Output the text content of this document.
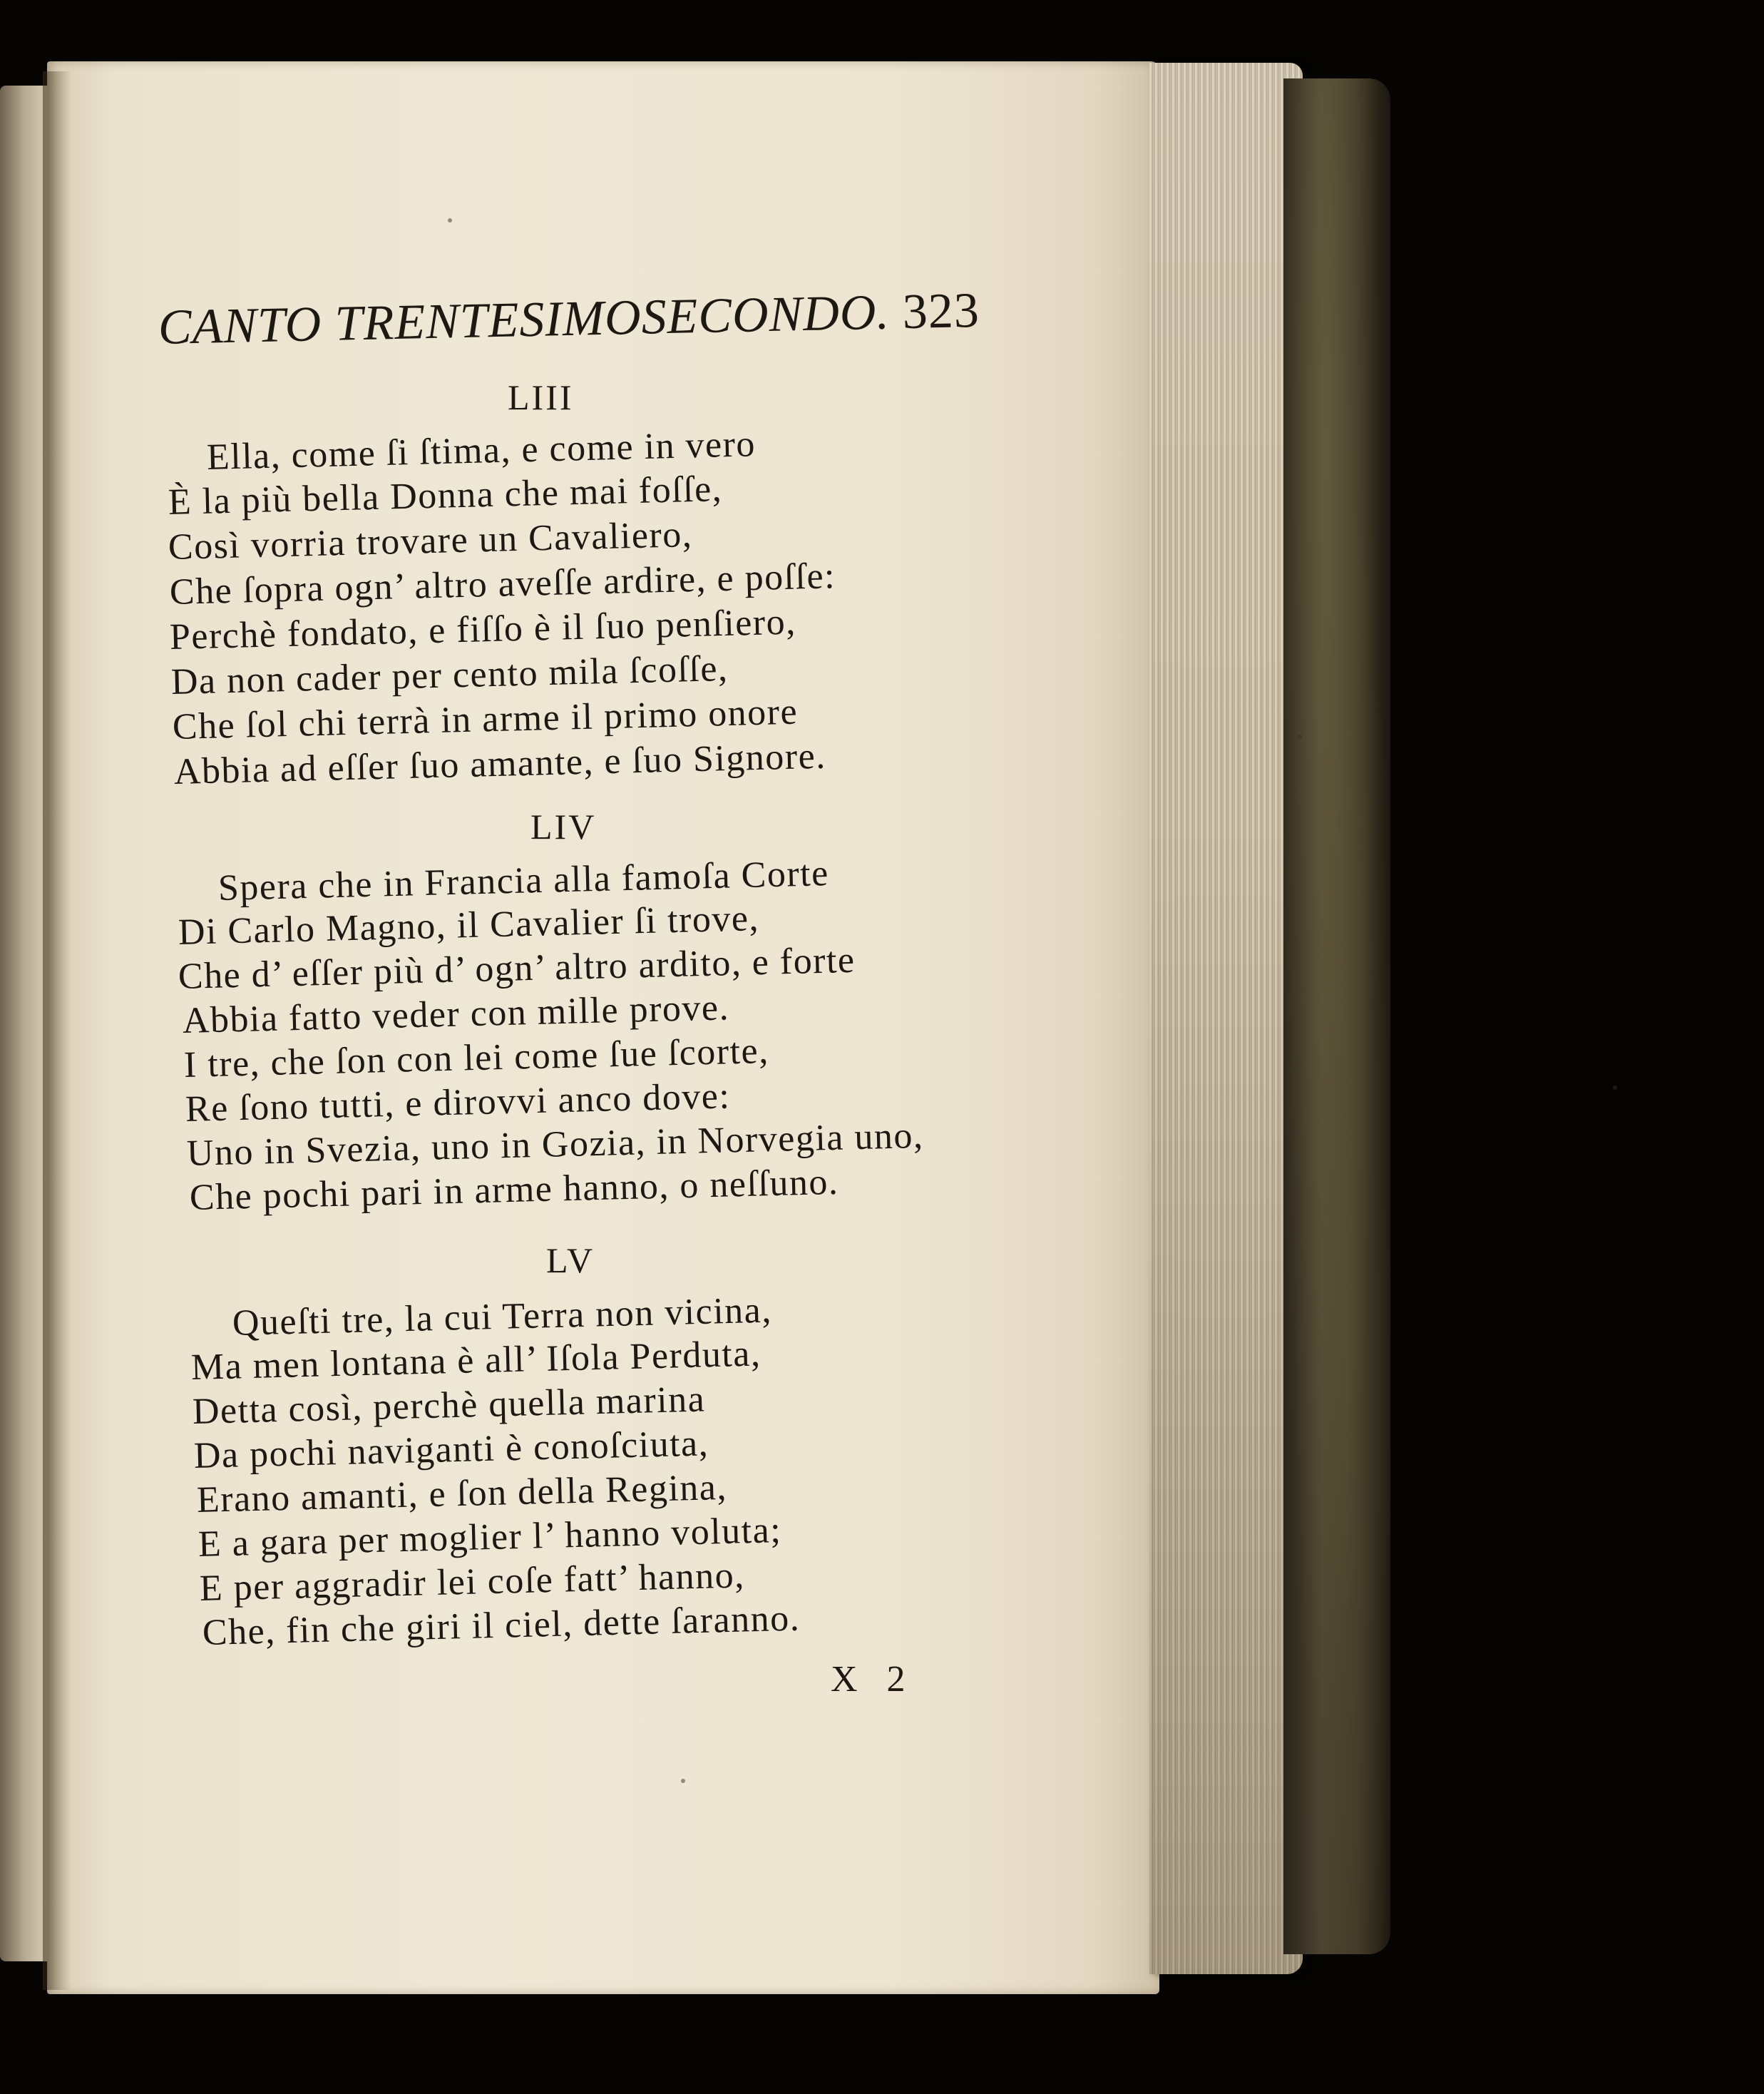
CANTO TRENTESIMOSECONDO. 323
LIII
Ella, come ſi ſtima, e come in vero
È la più bella Donna che mai foſſe,
Così vorria trovare un Cavaliero,
Che ſopra ogn’ altro aveſſe ardire, e poſſe:
Perchè fondato, e fiſſo è il ſuo penſiero,
Da non cader per cento mila ſcoſſe,
Che ſol chi terrà in arme il primo onore
Abbia ad eſſer ſuo amante, e ſuo Signore.
LIV
Spera che in Francia alla famoſa Corte
Di Carlo Magno, il Cavalier ſi trove,
Che d’ eſſer più d’ ogn’ altro ardito, e forte
Abbia fatto veder con mille prove.
I tre, che ſon con lei come ſue ſcorte,
Re ſono tutti, e dirovvi anco dove:
Uno in Svezia, uno in Gozia, in Norvegia uno,
Che pochi pari in arme hanno, o neſſuno.
LV
Queſti tre, la cui Terra non vicina,
Ma men lontana è all’ Iſola Perduta,
Detta così, perchè quella marina
Da pochi naviganti è conoſciuta,
Erano amanti, e ſon della Regina,
E a gara per moglier l’ hanno voluta;
E per aggradir lei coſe fatt’ hanno,
Che, fin che giri il ciel, dette ſaranno.
X 2
